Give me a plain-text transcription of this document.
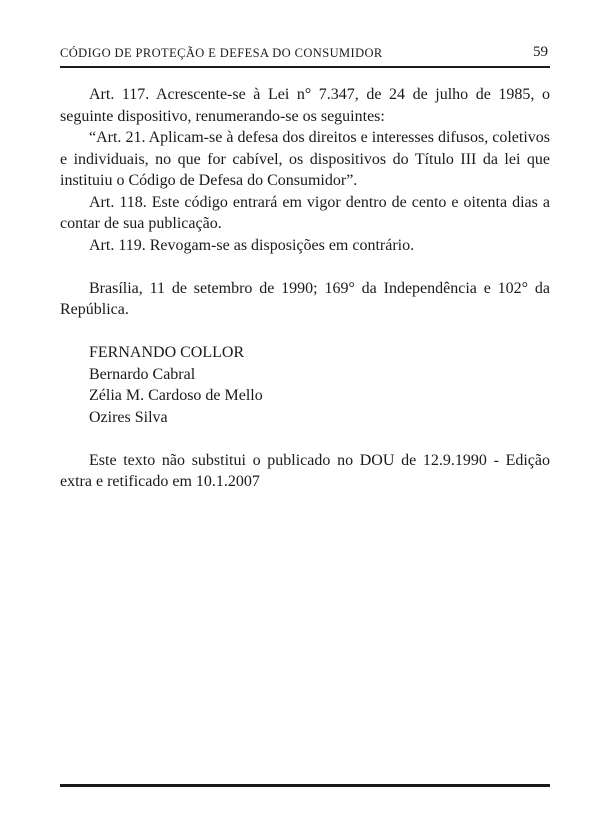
CÓDIGO DE PROTEÇÃO E DEFESA DO CONSUMIDOR	59

Art. 117. Acrescente-se à Lei n° 7.347, de 24 de julho de 1985, o seguinte dispositivo, renumerando-se os seguintes:

“Art. 21. Aplicam-se à defesa dos direitos e interesses difusos, coletivos e individuais, no que for cabível, os dispositivos do Título III da lei que instituiu o Código de Defesa do Consumidor”.

Art. 118. Este código entrará em vigor dentro de cento e oitenta dias a contar de sua publicação.

Art. 119. Revogam-se as disposições em contrário.

Brasília, 11 de setembro de 1990; 169° da Independência e 102° da República.

FERNANDO COLLOR

Bernardo Cabral

Zélia M. Cardoso de Mello

Ozires Silva

Este texto não substitui o publicado no DOU de 12.9.1990 - Edição extra e retificado em 10.1.2007
